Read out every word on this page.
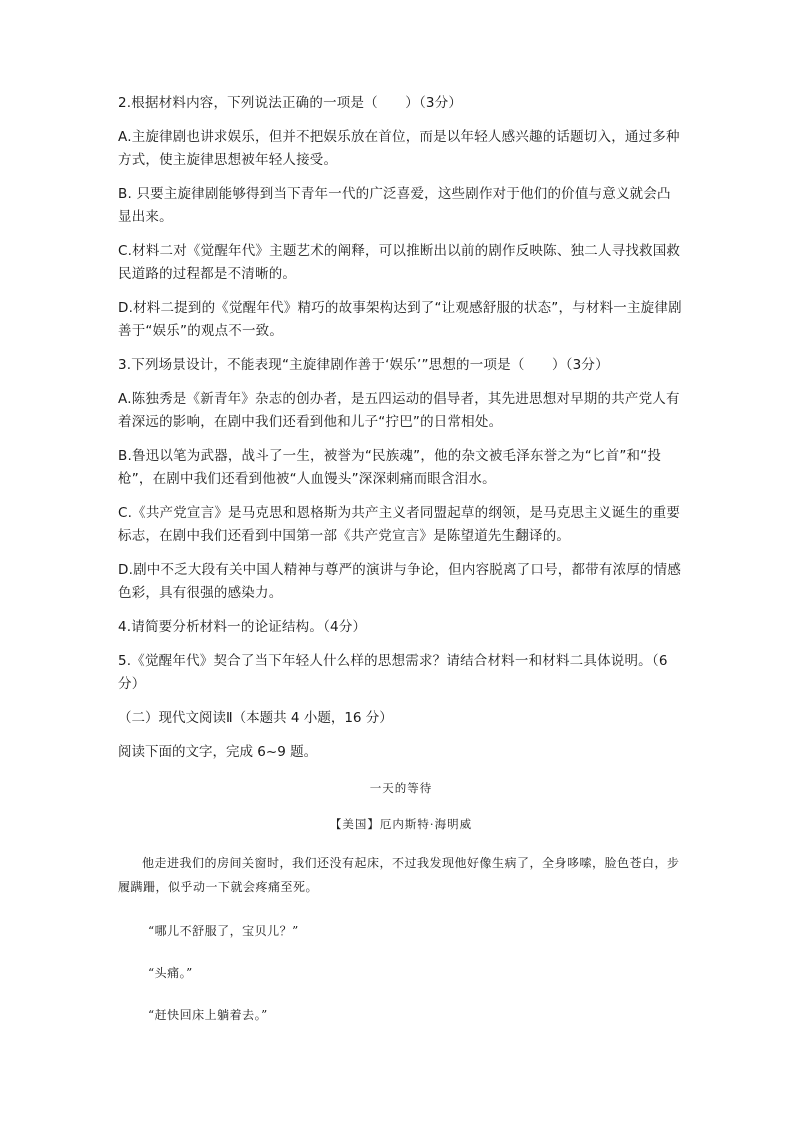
2.根据材料内容，下列说法正确的一项是（　　）（3分）

A.主旋律剧也讲求娱乐，但并不把娱乐放在首位，而是以年轻人感兴趣的话题切入，通过多种方式，使主旋律思想被年轻人接受。

B. 只要主旋律剧能够得到当下青年一代的广泛喜爱，这些剧作对于他们的价值与意义就会凸显出来。

C.材料二对《觉醒年代》主题艺术的阐释，可以推断出以前的剧作反映陈、独二人寻找救国救民道路的过程都是不清晰的。

D.材料二提到的《觉醒年代》精巧的故事架构达到了“让观感舒服的状态”，与材料一主旋律剧善于“娱乐”的观点不一致。

3.下列场景设计，不能表现“主旋律剧作善于‘娱乐’”思想的一项是（　　）（3分）

A.陈独秀是《新青年》杂志的创办者，是五四运动的倡导者，其先进思想对早期的共产党人有着深远的影响，在剧中我们还看到他和儿子“拧巴”的日常相处。

B.鲁迅以笔为武器，战斗了一生，被誉为“民族魂”，他的杂文被毛泽东誉之为“匕首”和“投枪”，在剧中我们还看到他被“人血馒头”深深刺痛而眼含泪水。

C.《共产党宣言》是马克思和恩格斯为共产主义者同盟起草的纲领，是马克思主义诞生的重要标志，在剧中我们还看到中国第一部《共产党宣言》是陈望道先生翻译的。

D.剧中不乏大段有关中国人精神与尊严的演讲与争论，但内容脱离了口号，都带有浓厚的情感色彩，具有很强的感染力。

4.请简要分析材料一的论证结构。（4分）

5.《觉醒年代》契合了当下年轻人什么样的思想需求？请结合材料一和材料二具体说明。（6分）

（二）现代文阅读Ⅱ（本题共 4 小题，16 分）

阅读下面的文字，完成 6~9 题。

一天的等待
【美国】厄内斯特·海明威

他走进我们的房间关窗时，我们还没有起床，不过我发现他好像生病了，全身哆嗦，脸色苍白，步履蹒跚，似乎动一下就会疼痛至死。

“哪儿不舒服了，宝贝儿？”

“头痛。”

“赶快回床上躺着去。”
